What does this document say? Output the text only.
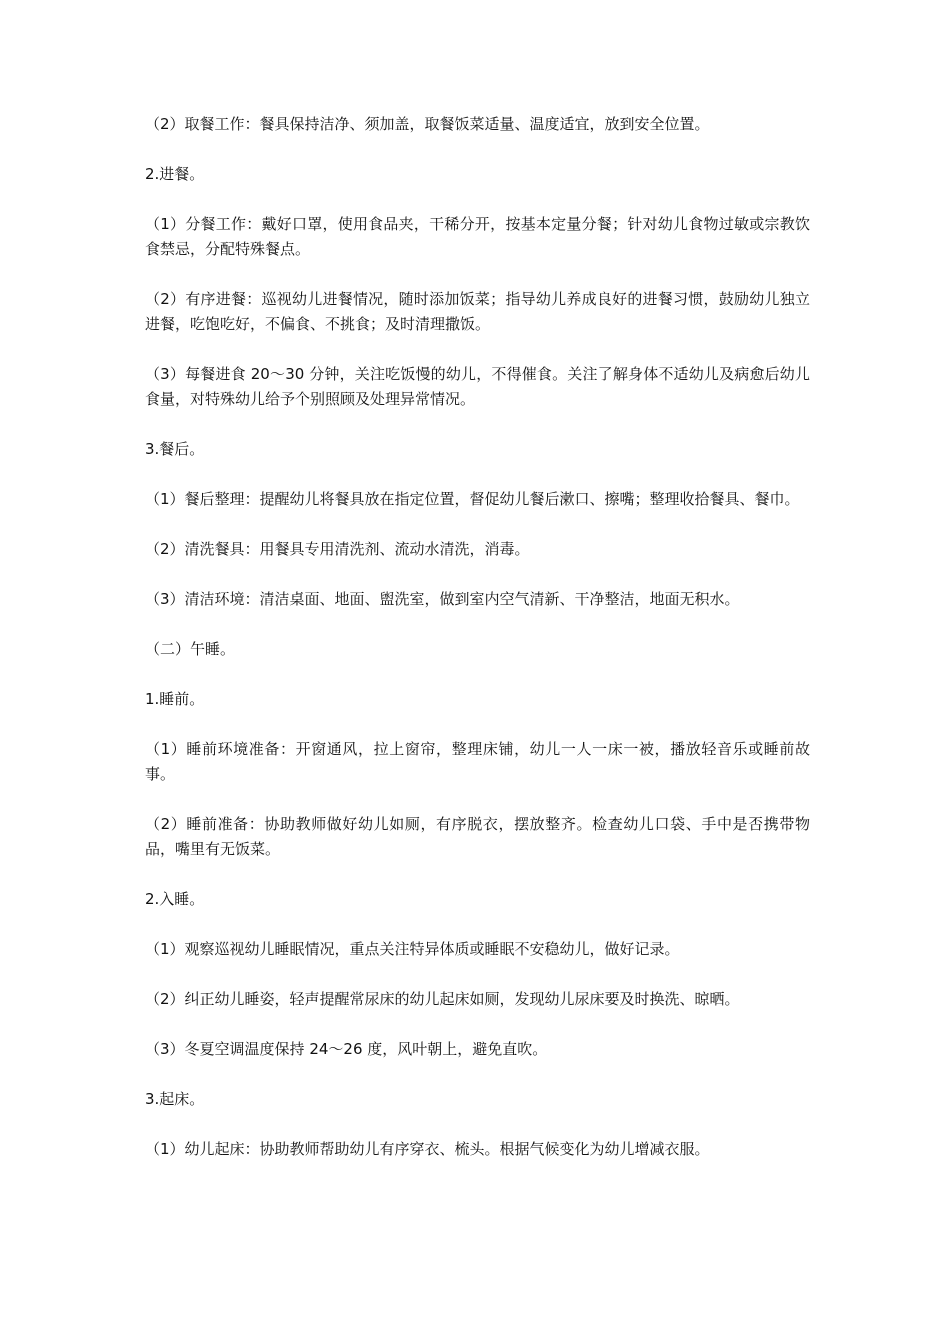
（2）取餐工作：餐具保持洁净、须加盖，取餐饭菜适量、温度适宜，放到安全位置。

2.进餐。

（1）分餐工作：戴好口罩，使用食品夹，干稀分开，按基本定量分餐；针对幼儿食物过敏或宗教饮食禁忌，分配特殊餐点。

（2）有序进餐：巡视幼儿进餐情况，随时添加饭菜；指导幼儿养成良好的进餐习惯，鼓励幼儿独立进餐，吃饱吃好，不偏食、不挑食；及时清理撒饭。

（3）每餐进食 20～30 分钟，关注吃饭慢的幼儿，不得催食。关注了解身体不适幼儿及病愈后幼儿食量，对特殊幼儿给予个别照顾及处理异常情况。

3.餐后。

（1）餐后整理：提醒幼儿将餐具放在指定位置，督促幼儿餐后漱口、擦嘴；整理收拾餐具、餐巾。

（2）清洗餐具：用餐具专用清洗剂、流动水清洗，消毒。

（3）清洁环境：清洁桌面、地面、盥洗室，做到室内空气清新、干净整洁，地面无积水。

（二）午睡。

1.睡前。

（1）睡前环境准备：开窗通风，拉上窗帘，整理床铺，幼儿一人一床一被，播放轻音乐或睡前故事。

（2）睡前准备：协助教师做好幼儿如厕，有序脱衣，摆放整齐。检查幼儿口袋、手中是否携带物品，嘴里有无饭菜。

2.入睡。

（1）观察巡视幼儿睡眠情况，重点关注特异体质或睡眠不安稳幼儿，做好记录。

（2）纠正幼儿睡姿，轻声提醒常尿床的幼儿起床如厕，发现幼儿尿床要及时换洗、晾晒。

（3）冬夏空调温度保持 24～26 度，风叶朝上，避免直吹。

3.起床。

（1）幼儿起床：协助教师帮助幼儿有序穿衣、梳头。根据气候变化为幼儿增减衣服。
